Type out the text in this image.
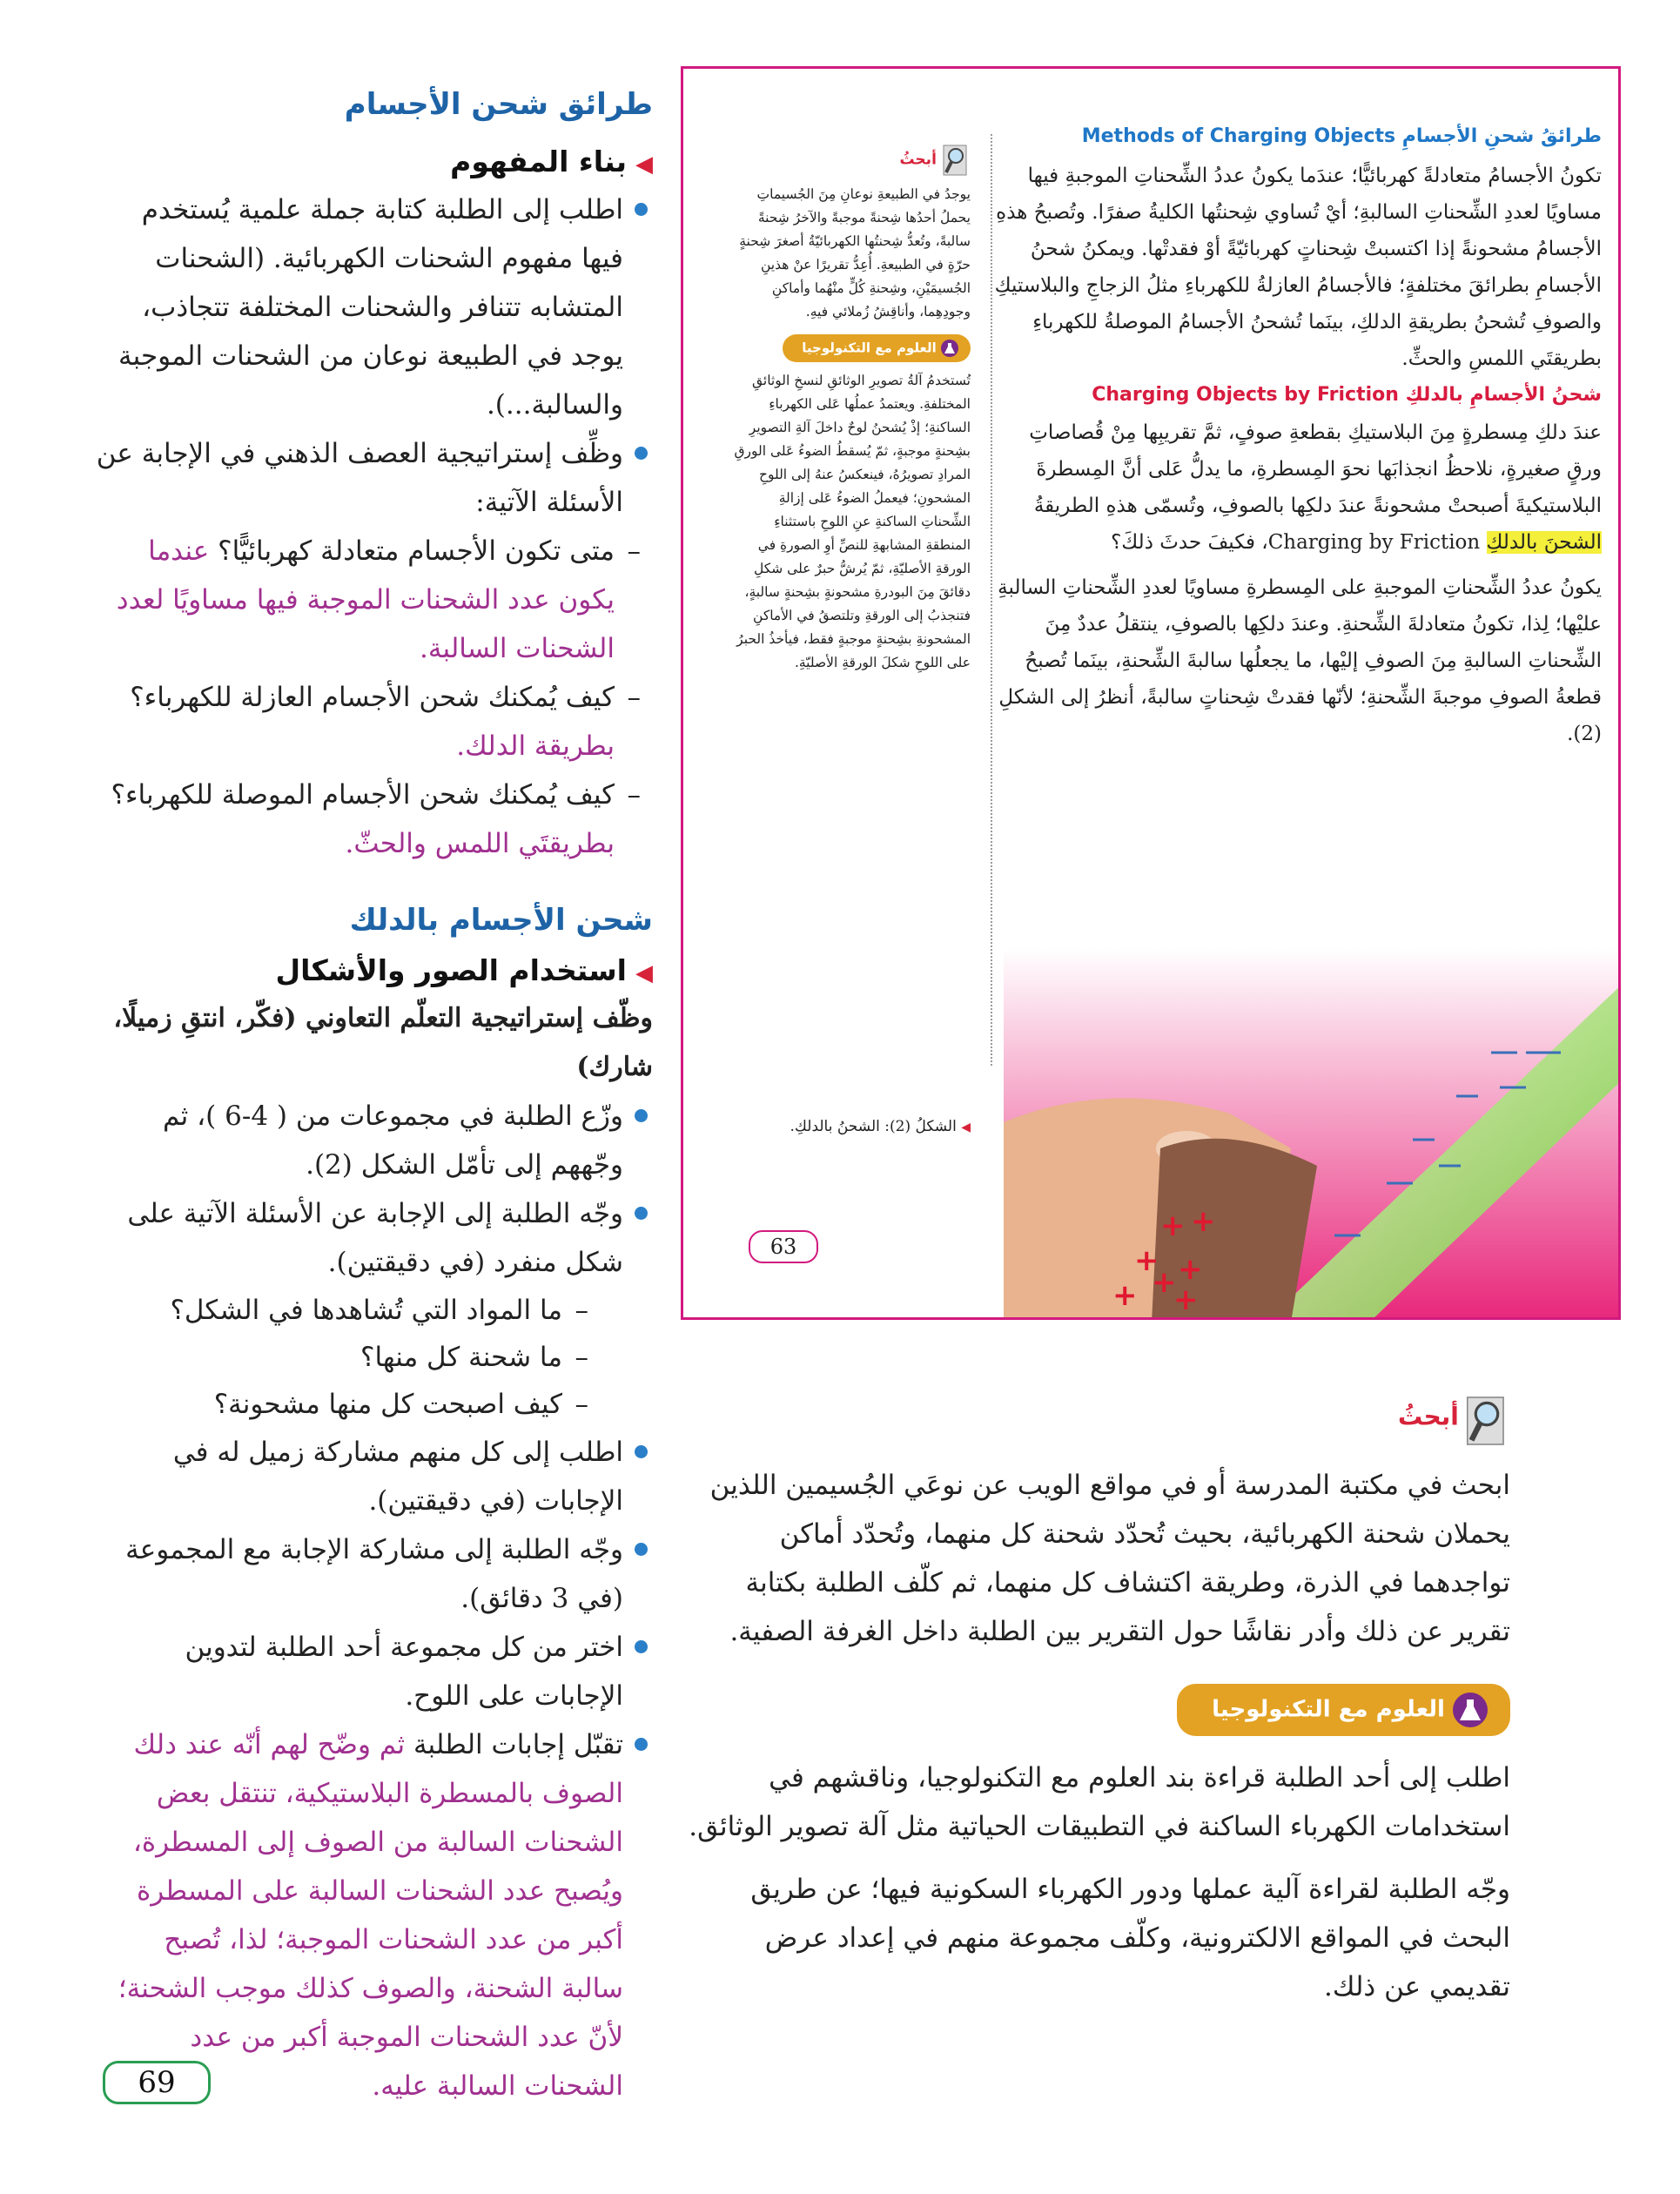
طرائق شحن الأجسام
◀بناء المفهوم

اطلب إلى الطلبة كتابة جملة علمية يُستخدم فيها مفهوم الشحنات الكهربائية. (الشحنات المتشابه تتنافر والشحنات المختلفة تتجاذب، يوجد في الطبيعة نوعان من الشحنات الموجبة والسالبة...).

وظِّف إستراتيجية العصف الذهني في الإجابة عن الأسئلة الآتية:

– متى تكون الأجسام متعادلة كهربائيًّا؟ عندما يكون عدد الشحنات الموجبة فيها مساويًا لعدد الشحنات السالبة.

– كيف يُمكنك شحن الأجسام العازلة للكهرباء؟ بطريقة الدلك.

– كيف يُمكنك شحن الأجسام الموصلة للكهرباء؟ بطريقتَي اللمس والحثّ.

شحن الأجسام بالدلك
◀استخدام الصور والأشكال

وظّف إستراتيجية التعلّم التعاوني (فكّر، انتقِ زميلًا، شارك)

وزّع الطلبة في مجموعات من ( 4-6 )، ثم وجّههم إلى تأمّل الشكل (2).

وجّه الطلبة إلى الإجابة عن الأسئلة الآتية على شكل منفرد (في دقيقتين).

– ما المواد التي تُشاهدها في الشكل؟

– ما شحنة كل منها؟

– كيف اصبحت كل منها مشحونة؟

اطلب إلى كل منهم مشاركة زميل له في الإجابات (في دقيقتين).

وجّه الطلبة إلى مشاركة الإجابة مع المجموعة (في 3 دقائق).

اختر من كل مجموعة أحد الطلبة لتدوين الإجابات على اللوح.

تقبّل إجابات الطلبة ثم وضّح لهم أنّه عند دلك الصوف بالمسطرة البلاستيكية، تنتقل بعض الشحنات السالبة من الصوف إلى المسطرة، ويُصبح عدد الشحنات السالبة على المسطرة أكبر من عدد الشحنات الموجبة؛ لذا، تُصبح سالبة الشحنة، والصوف كذلك موجب الشحنة؛ لأنّ عدد الشحنات الموجبة أكبر من عدد الشحنات السالبة عليه.

طرائقُ شحنِ الأجسامِ Methods of Charging Objects

تكونُ الأجسامُ متعادلةً كهربائيًّا؛ عندَما يكونُ عددُ الشِّحناتِ الموجبةِ فيها مساويًا لعددِ الشِّحناتِ السالبةِ؛ أيْ تُساوي شِحنتُها الكليةُ صفرًا. وتُصبحُ هذهِ الأجسامُ مشحونةً إذا اكتسبتْ شِحناتٍ كهربائيّةً أوْ فقدتْها. ويمكنُ شحنُ الأجسامِ بطرائقَ مختلفةٍ؛ فالأجسامُ العازلةُ للكهرباءِ مثلُ الزجاجِ والبلاستيكِ والصوفِ تُشحنُ بطريقةِ الدلكِ، بينَما تُشحنُ الأجسامُ الموصلةُ للكهرباءِ بطريقتَي اللمسِ والحثِّ.

شحنُ الأجسامِ بالدلكِ Charging Objects by Friction

عندَ دلكِ مِسطرةٍ مِنَ البلاستيكِ بقطعةِ صوفٍ، ثمَّ تقريبِها مِنْ قُصاصاتِ ورقٍ صغيرةٍ، نلاحظُ انجذابَها نحوَ المِسطرةِ، ما يدلُّ عَلى أنَّ المِسطرةَ البلاستيكيةَ أصبحتْ مشحونةً عندَ دلكِها بالصوفِ، وتُسمّى هذهِ الطريقةُ الشحنَ بالدلكِ Charging by Friction، فكيفَ حدثَ ذلكَ؟

يكونُ عددُ الشِّحناتِ الموجبةِ على المِسطرةِ مساويًا لعددِ الشِّحناتِ السالبةِ عليْها؛ لِذا، تكونُ متعادلةَ الشِّحنةِ. وعندَ دلكِها بالصوفِ، ينتقلُ عددٌ مِنَ الشِّحناتِ السالبةِ مِنَ الصوفِ إليْها، ما يجعلُها سالبةَ الشِّحنةِ، بينَما تُصبحُ قطعةُ الصوفِ موجبةَ الشِّحنةِ؛ لأنّها فقدتْ شِحناتٍ سالبةً، أنظرُ إلى الشكلِ (2).

أبحثُ

يوجدُ في الطبيعةِ نوعانِ مِنَ الجُسيماتِ يحملُ أحدُها شِحنةً موجبةً والآخرُ شِحنةً سالبةً، وتُعدُّ شِحنتُها الكهربائيّةُ أصغرَ شِحنةٍ حرّةٍ في الطبيعةِ. أُعِدُّ تقريرًا عنْ هذينِ الجُسيمَيْنِ، وشِحنةِ كُلٍّ منْهُما وأماكنِ وجودِهِما، وأناقِشُ زُملائي فيهِ.

العلوم مع التكنولوجيا

تُستخدمُ آلةُ تصويرِ الوثائقِ لنسخِ الوثائقِ المختلفةِ. ويعتمدُ عملُها عَلى الكهرباءِ الساكنةِ؛ إذْ يُشحنُ لوحٌ داخلَ آلةِ التصويرِ بشِحنةٍ موجبةٍ، ثمّ يُسقطُ الضوءُ عَلى الورقِ المرادِ تصويرُهُ، فينعكسُ عنهُ إلى اللوحِ المشحونِ؛ فيعملُ الضوءُ عَلى إزالةِ الشِّحناتِ الساكنةِ عنِ اللوحِ باستثناءِ المنطقةِ المشابهةِ للنصِّ أوِ الصورةِ في الورقةِ الأصليّةِ، ثمّ يُرشُّ حبرٌ على شكلِ دقائقَ مِنَ البودرةِ مشحونةٍ بشِحنةٍ سالبةٍ، فتنجذبُ إلى الورقةِ وتلتصقُ في الأماكنِ المشحونةِ بشِحنةٍ موجبةٍ فقط، فيأخذُ الحبرُ على اللوحِ شكلَ الورقةِ الأصليّةِ.

◀ الشكلُ (2): الشحنُ بالدلكِ.
+ +
+
+ +
+ +
63
أبحثُ

ابحث في مكتبة المدرسة أو في مواقع الويب عن نوعَي الجُسيمين اللذين يحملان شحنة الكهربائية، بحيث تُحدّد شحنة كل منهما، وتُحدّد أماكن تواجدهما في الذرة، وطريقة اكتشاف كل منهما، ثم كلّف الطلبة بكتابة تقرير عن ذلك وأدر نقاشًا حول التقرير بين الطلبة داخل الغرفة الصفية.

العلوم مع التكنولوجيا

اطلب إلى أحد الطلبة قراءة بند العلوم مع التكنولوجيا، وناقشهم في استخدامات الكهرباء الساكنة في التطبيقات الحياتية مثل آلة تصوير الوثائق.

وجّه الطلبة لقراءة آلية عملها ودور الكهرباء السكونية فيها؛ عن طريق البحث في المواقع الالكترونية، وكلّف مجموعة منهم في إعداد عرض تقديمي عن ذلك.

69
